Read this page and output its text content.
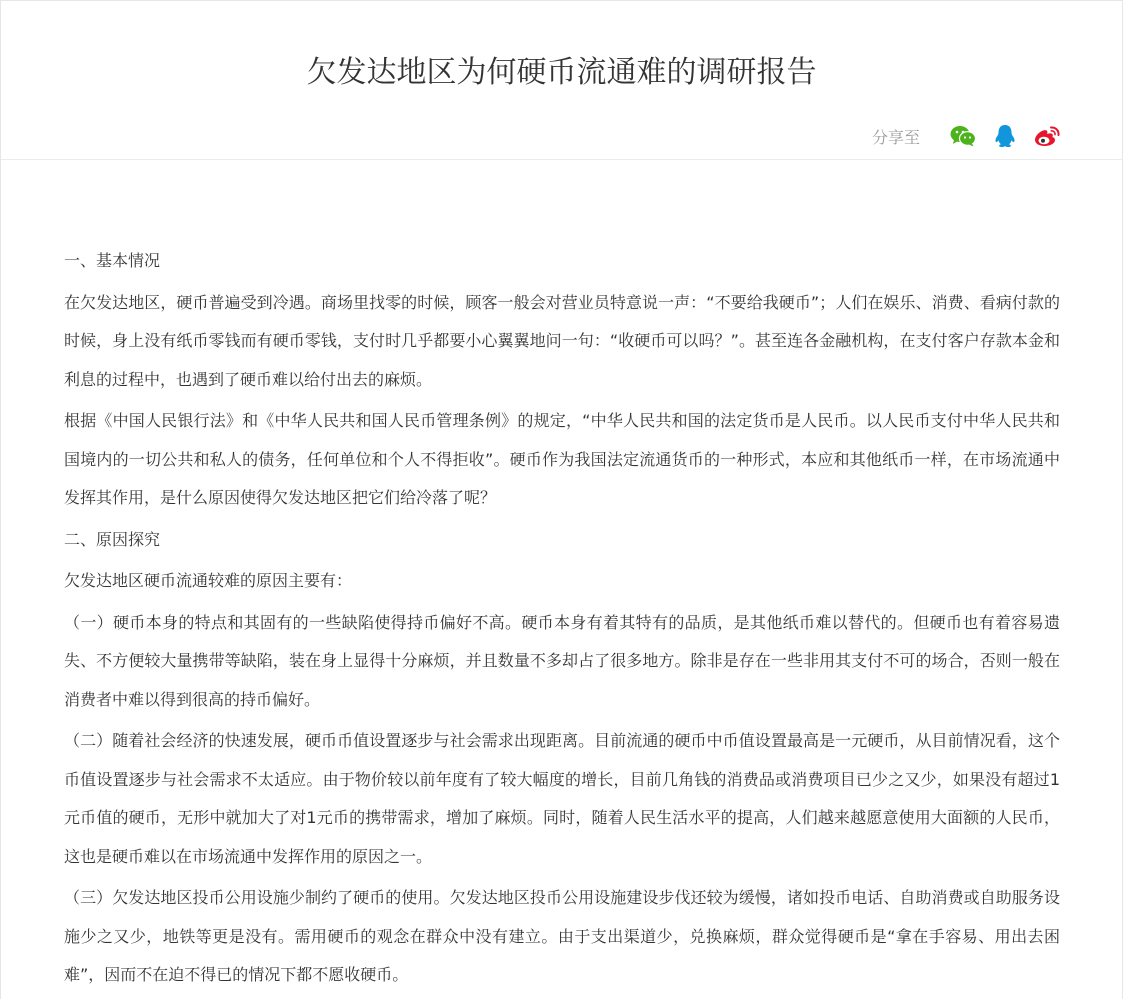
欠发达地区为何硬币流通难的调研报告
分享至

一、基本情况

在欠发达地区，硬币普遍受到冷遇。商场里找零的时候，顾客一般会对营业员特意说一声：“不要给我硬币”；人们在娱乐、消费、看病付款的时候，身上没有纸币零钱而有硬币零钱，支付时几乎都要小心翼翼地问一句：“收硬币可以吗？”。甚至连各金融机构，在支付客户存款本金和利息的过程中，也遇到了硬币难以给付出去的麻烦。

根据《中国人民银行法》和《中华人民共和国人民币管理条例》的规定，“中华人民共和国的法定货币是人民币。以人民币支付中华人民共和国境内的一切公共和私人的债务，任何单位和个人不得拒收”。硬币作为我国法定流通货币的一种形式，本应和其他纸币一样，在市场流通中发挥其作用，是什么原因使得欠发达地区把它们给冷落了呢？

二、原因探究

欠发达地区硬币流通较难的原因主要有：

（一）硬币本身的特点和其固有的一些缺陷使得持币偏好不高。硬币本身有着其特有的品质，是其他纸币难以替代的。但硬币也有着容易遗失、不方便较大量携带等缺陷，装在身上显得十分麻烦，并且数量不多却占了很多地方。除非是存在一些非用其支付不可的场合，否则一般在消费者中难以得到很高的持币偏好。

（二）随着社会经济的快速发展，硬币币值设置逐步与社会需求出现距离。目前流通的硬币中币值设置最高是一元硬币，从目前情况看，这个币值设置逐步与社会需求不太适应。由于物价较以前年度有了较大幅度的增长，目前几角钱的消费品或消费项目已少之又少，如果没有超过1元币值的硬币，无形中就加大了对1元币的携带需求，增加了麻烦。同时，随着人民生活水平的提高，人们越来越愿意使用大面额的人民币，这也是硬币难以在市场流通中发挥作用的原因之一。

（三）欠发达地区投币公用设施少制约了硬币的使用。欠发达地区投币公用设施建设步伐还较为缓慢，诸如投币电话、自助消费或自助服务设施少之又少，地铁等更是没有。需用硬币的观念在群众中没有建立。由于支出渠道少，兑换麻烦，群众觉得硬币是“拿在手容易、用出去困难”，因而不在迫不得已的情况下都不愿收硬币。
